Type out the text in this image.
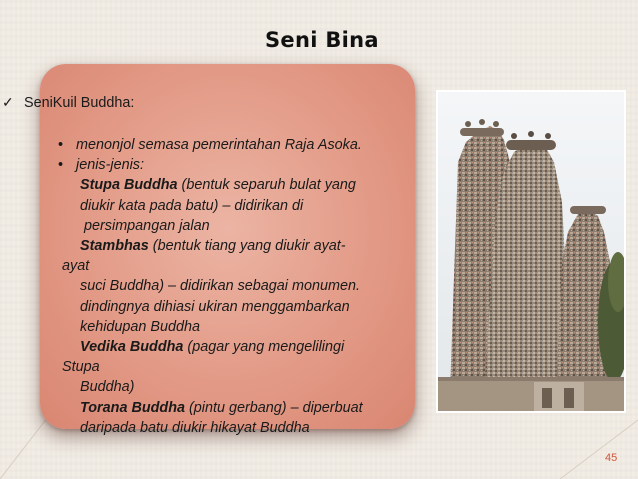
Seni Bina
✓ SeniKuil Buddha:
• menonjol semasa pemerintahan Raja Asoka.
• jenis-jenis:
Stupa Buddha (bentuk separuh bulat yang
diukir kata pada batu) – didirikan di
persimpangan jalan
Stambhas (bentuk tiang yang diukir ayat-
ayat
suci Buddha) – didirikan sebagai monumen.
dindingnya dihiasi ukiran menggambarkan
kehidupan Buddha
Vedika Buddha (pagar yang mengelilingi
Stupa
Buddha)
Torana Buddha (pintu gerbang) – diperbuat
daripada batu diukir hikayat Buddha
45
